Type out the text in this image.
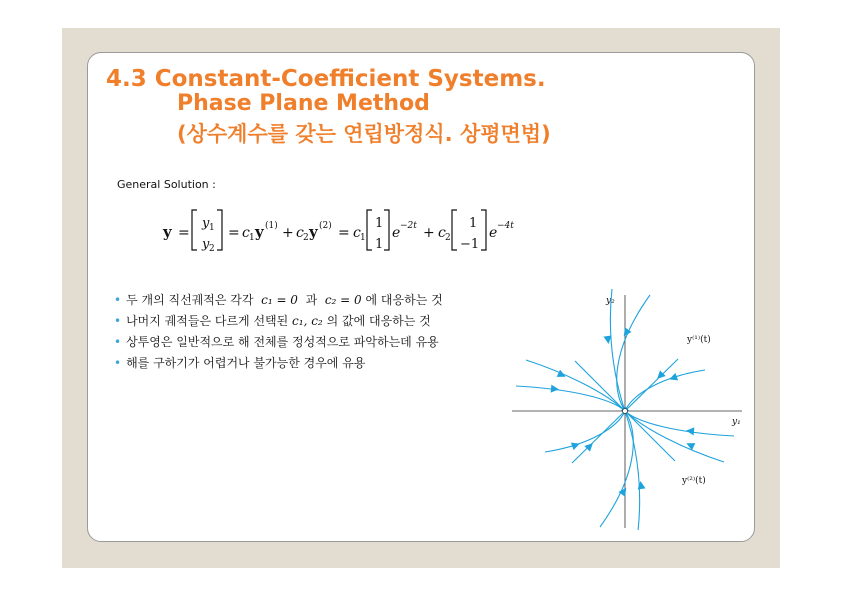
4.3 Constant-Coefficient Systems.
Phase Plane Method
(상수계수를 갖는 연립방정식. 상평면법)
General Solution :
y =
y 1
y 2
= c 1 y (1) + c 2 y (2) = c 1
1
1
e −2t + c 2
1
−1
e −4t
• 두 개의 직선궤적은 각각 c₁ = 0 과 c₂ = 0 에 대응하는 것
• 나머지 궤적들은 다르게 선택된 c₁, c₂ 의 값에 대응하는 것
• 상투영은 일반적으로 해 전체를 정성적으로 파악하는데 유용
• 해를 구하기가 어렵거나 불가능한 경우에 유용
y₂
y₁
y⁽¹⁾(t)
y⁽²⁾(t)
